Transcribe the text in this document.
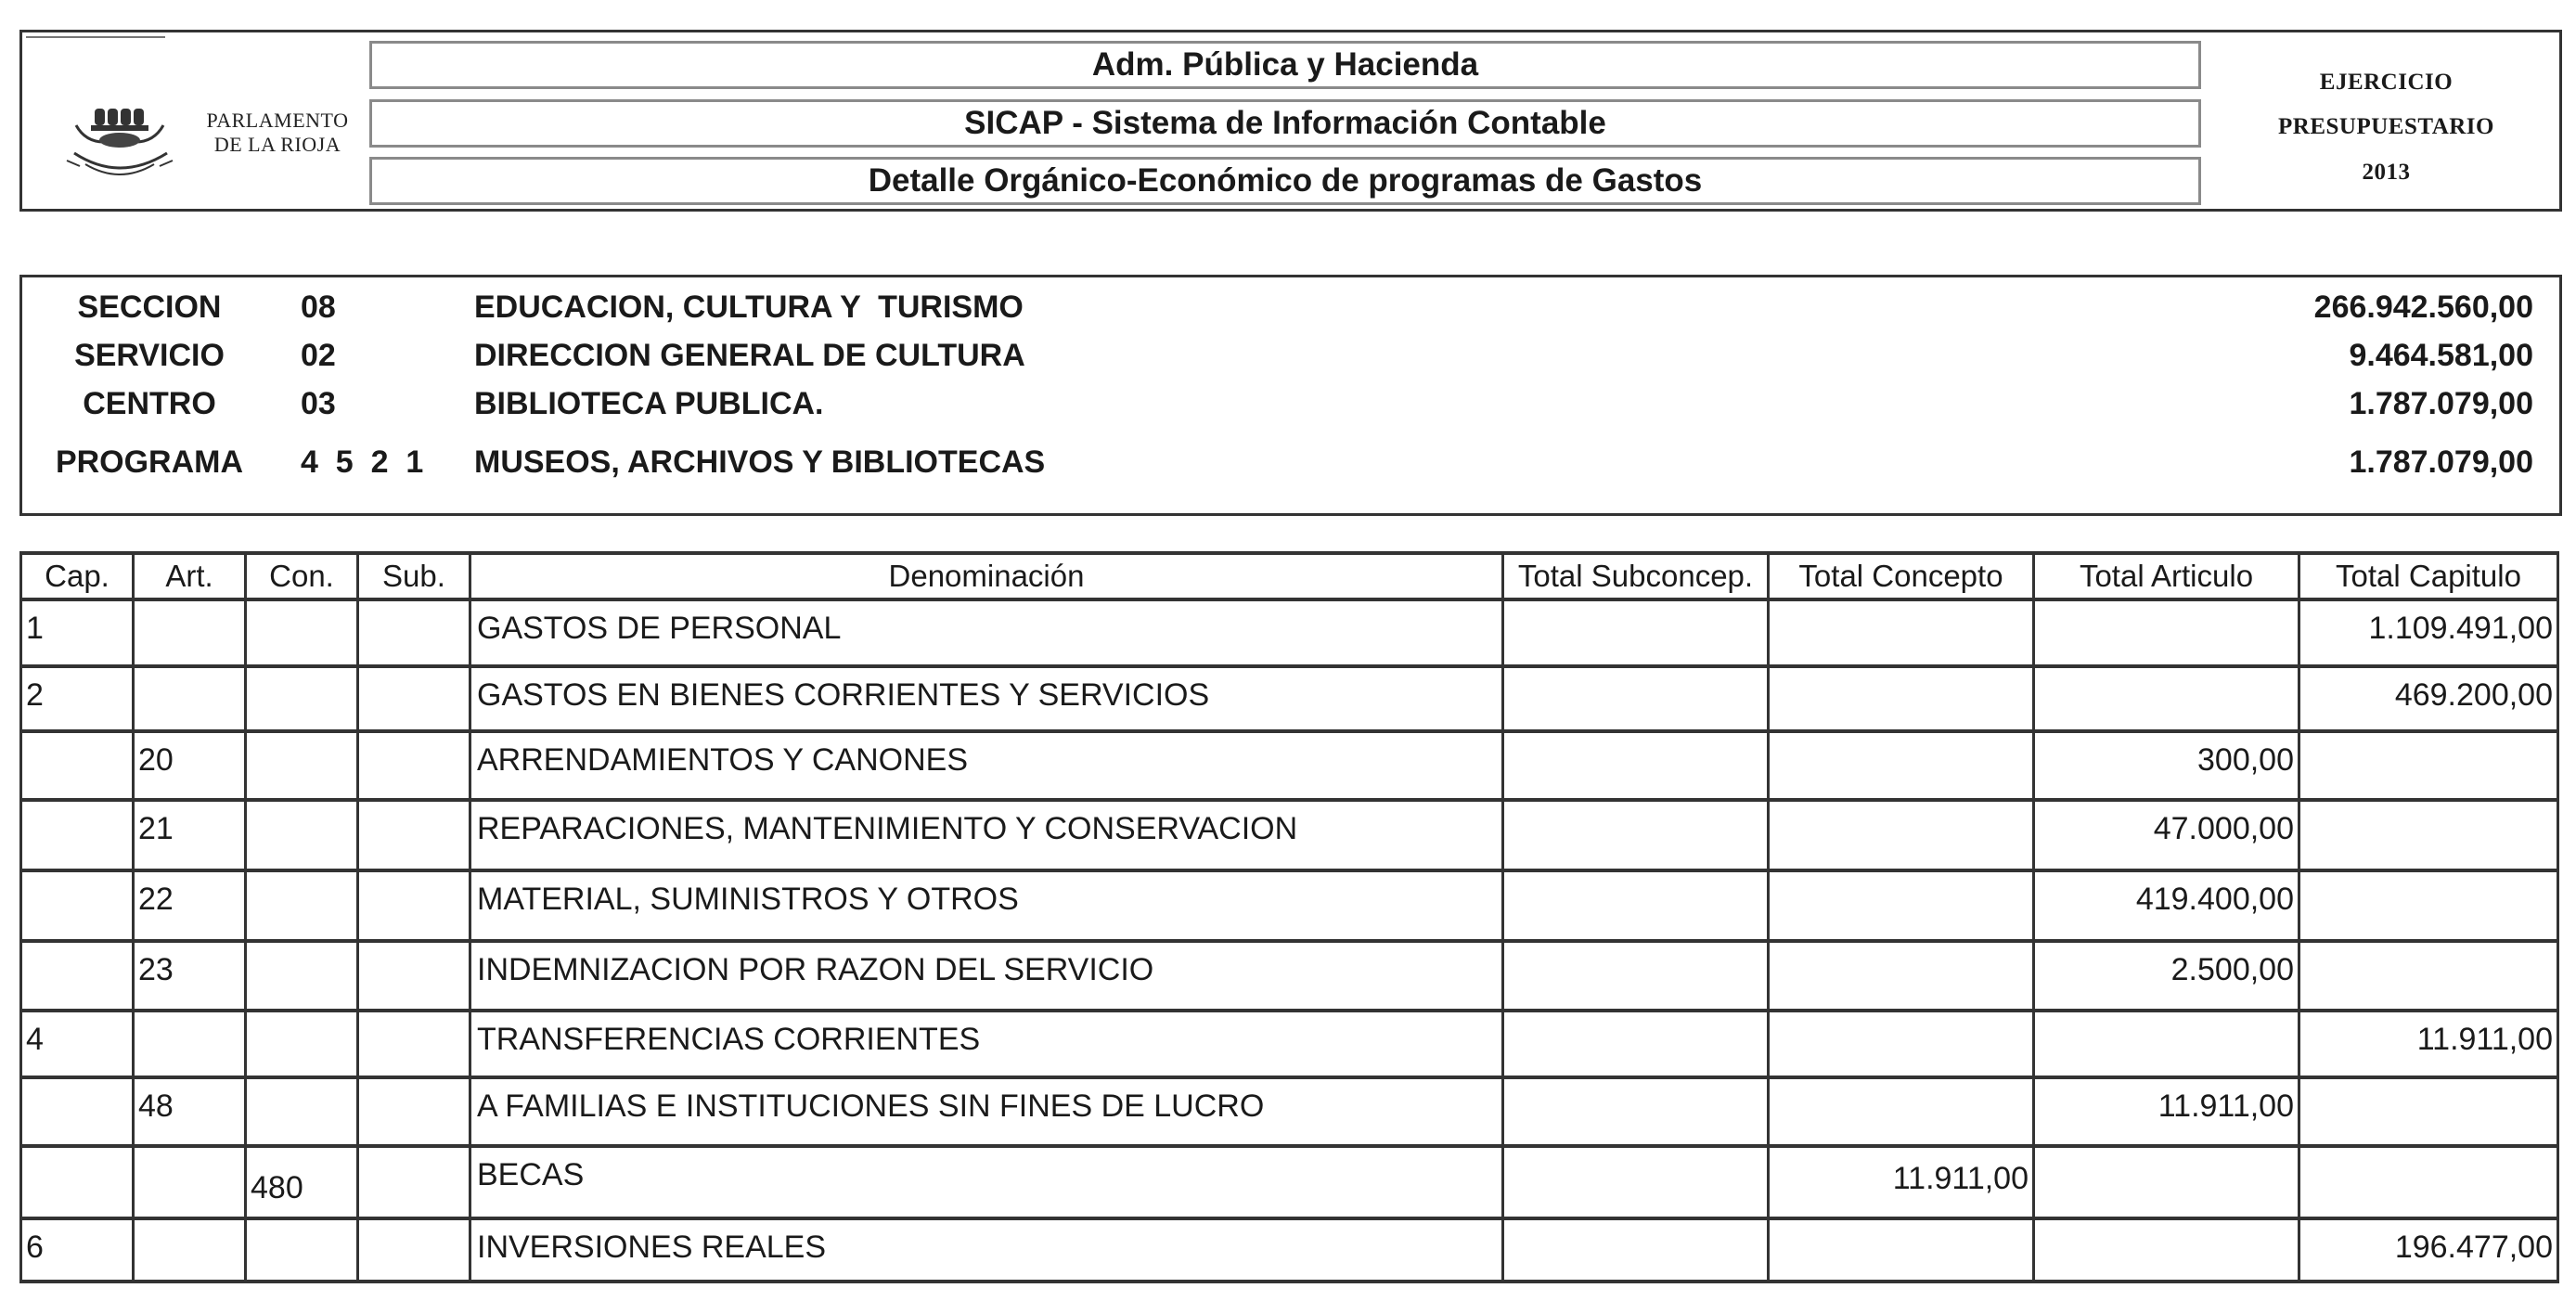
PARLAMENTO
DE LA RIOJA
Adm. Pública y Hacienda
SICAP - Sistema de Información Contable
Detalle Orgánico-Económico de programas de Gastos
EJERCICIO
PRESUPUESTARIO
2013
SECCION	08	EDUCACION, CULTURA Y  TURISMO	266.942.560,00
SERVICIO	02	DIRECCION GENERAL DE CULTURA	9.464.581,00
CENTRO	03	BIBLIOTECA PUBLICA.	1.787.079,00
PROGRAMA	4  5  2  1 MUSEOS, ARCHIVOS Y BIBLIOTECAS	1.787.079,00
Cap.	Art.	Con.	Sub.	Denominación	Total Subconcep.	Total Concepto	Total Articulo	Total Capitulo
1				GASTOS DE PERSONAL				1.109.491,00
2				GASTOS EN BIENES CORRIENTES Y SERVICIOS				469.200,00
	20			ARRENDAMIENTOS Y CANONES			300,00	
	21			REPARACIONES, MANTENIMIENTO Y CONSERVACION			47.000,00	
	22			MATERIAL, SUMINISTROS Y OTROS			419.400,00	
	23			INDEMNIZACION POR RAZON DEL SERVICIO			2.500,00	
4				TRANSFERENCIAS CORRIENTES				11.911,00
	48			A FAMILIAS E INSTITUCIONES SIN FINES DE LUCRO			11.911,00	
		480		BECAS		11.911,00		
6				INVERSIONES REALES				196.477,00
